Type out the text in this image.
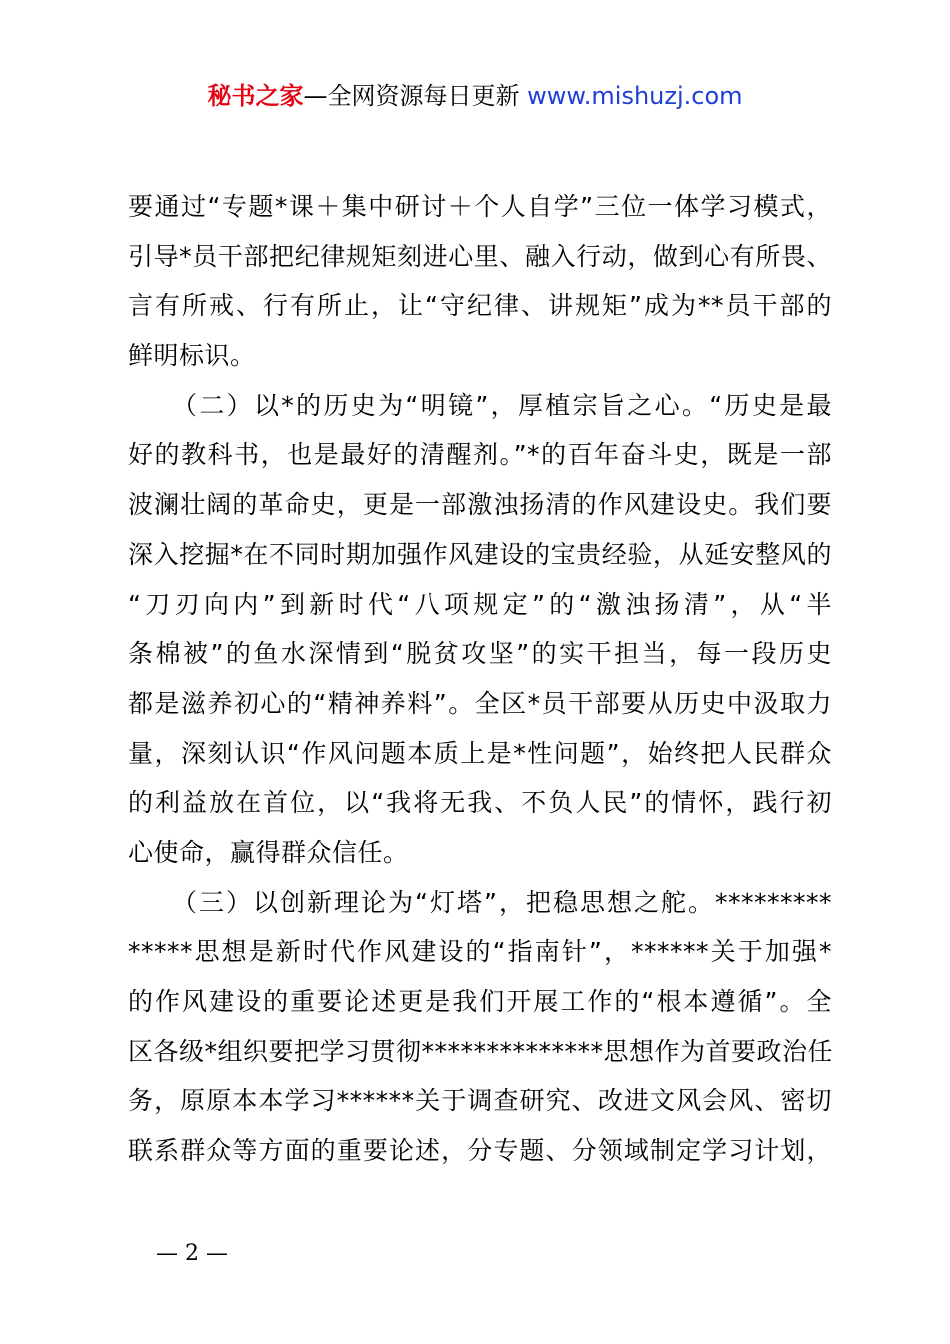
秘书之家—全网资源每日更新 www.mishuzj.com
要通过“专题*课＋集中研讨＋个人自学”三位一体学习模式，
引导*员干部把纪律规矩刻进心里、融入行动，做到心有所畏、
言有所戒、行有所止，让“守纪律、讲规矩”成为**员干部的
鲜明标识。
（二）以*的历史为“明镜”，厚植宗旨之心。“历史是最
好的教科书，也是最好的清醒剂。”*的百年奋斗史，既是一部
波澜壮阔的革命史，更是一部激浊扬清的作风建设史。我们要
深入挖掘*在不同时期加强作风建设的宝贵经验，从延安整风的
“刀刃向内”到新时代“八项规定”的“激浊扬清”，从“半
条棉被”的鱼水深情到“脱贫攻坚”的实干担当，每一段历史
都是滋养初心的“精神养料”。全区*员干部要从历史中汲取力
量，深刻认识“作风问题本质上是*性问题”，始终把人民群众
的利益放在首位，以“我将无我、不负人民”的情怀，践行初
心使命，赢得群众信任。
（三）以创新理论为“灯塔”，把稳思想之舵。*********
*****思想是新时代作风建设的“指南针”，******关于加强*
的作风建设的重要论述更是我们开展工作的“根本遵循”。全
区各级*组织要把学习贯彻**************思想作为首要政治任
务，原原本本学习******关于调查研究、改进文风会风、密切
联系群众等方面的重要论述，分专题、分领域制定学习计划，
— 2 —
